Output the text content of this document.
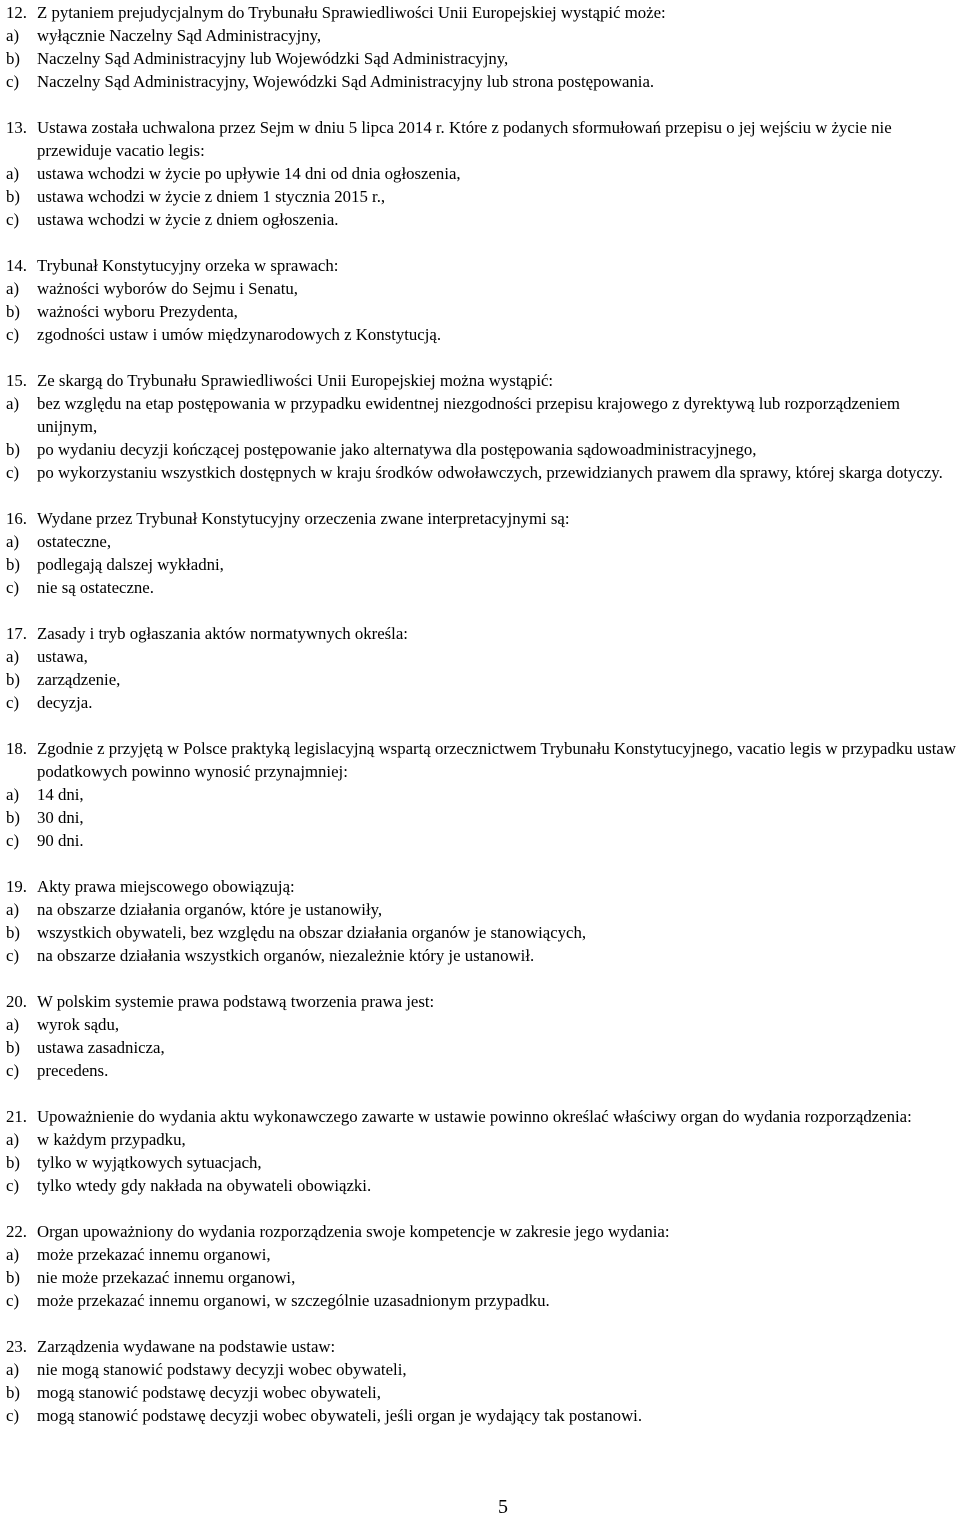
12. Z pytaniem prejudycjalnym do Trybunału Sprawiedliwości Unii Europejskiej wystąpić może:
a)	wyłącznie Naczelny Sąd Administracyjny,
b)	Naczelny Sąd Administracyjny lub Wojewódzki Sąd Administracyjny,
c)	Naczelny Sąd Administracyjny, Wojewódzki Sąd Administracyjny lub strona postępowania.
13. Ustawa została uchwalona przez Sejm w dniu 5 lipca 2014 r. Które z podanych sformułowań przepisu o jej wejściu w życie nie przewiduje vacatio legis:
a)	ustawa wchodzi w życie po upływie 14 dni od dnia ogłoszenia,
b)	ustawa wchodzi w życie z dniem 1 stycznia 2015 r.,
c)	ustawa wchodzi w życie z dniem ogłoszenia.
14. Trybunał Konstytucyjny orzeka w sprawach:
a)	ważności wyborów do Sejmu i Senatu,
b)	ważności wyboru Prezydenta,
c)	zgodności ustaw i umów międzynarodowych z Konstytucją.
15. Ze skargą do Trybunału Sprawiedliwości Unii Europejskiej można wystąpić:
a)	bez względu na etap postępowania w przypadku ewidentnej niezgodności przepisu krajowego z dyrektywą lub rozporządzeniem unijnym,
b)	po wydaniu decyzji kończącej postępowanie jako alternatywa dla postępowania sądowoadministracyjnego,
c)	po wykorzystaniu wszystkich dostępnych w kraju środków odwoławczych, przewidzianych prawem dla sprawy, której skarga dotyczy.
16. Wydane przez Trybunał Konstytucyjny orzeczenia zwane interpretacyjnymi są:
a)	ostateczne,
b)	podlegają dalszej wykładni,
c)	nie są ostateczne.
17. Zasady i tryb ogłaszania aktów normatywnych określa:
a)	ustawa,
b)	zarządzenie,
c)	decyzja.
18. Zgodnie z przyjętą w Polsce praktyką legislacyjną wspartą orzecznictwem Trybunału Konstytucyjnego, vacatio legis w przypadku ustaw podatkowych powinno wynosić przynajmniej:
a)	14 dni,
b)	30 dni,
c)	90 dni.
19. Akty prawa miejscowego obowiązują:
a)	na obszarze działania organów, które je ustanowiły,
b)	wszystkich obywateli, bez względu na obszar działania organów je stanowiących,
c)	na obszarze działania wszystkich organów, niezależnie który je ustanowił.
20. W polskim systemie prawa podstawą tworzenia prawa jest:
a)	wyrok sądu,
b)	ustawa zasadnicza,
c)	precedens.
21. Upoważnienie do wydania aktu wykonawczego zawarte w ustawie powinno określać właściwy organ do wydania rozporządzenia:
a)	w każdym przypadku,
b)	tylko w wyjątkowych sytuacjach,
c)	tylko wtedy gdy nakłada na obywateli obowiązki.
22. Organ upoważniony do wydania rozporządzenia swoje kompetencje w zakresie jego wydania:
a)	może przekazać innemu organowi,
b)	nie może przekazać innemu organowi,
c)	może przekazać innemu organowi, w szczególnie uzasadnionym przypadku.
23. Zarządzenia wydawane na podstawie ustaw:
a)	nie mogą stanowić podstawy decyzji wobec obywateli,
b)	mogą stanowić podstawę decyzji wobec obywateli,
c)	mogą stanowić podstawę decyzji wobec obywateli, jeśli organ je wydający tak postanowi.
5
